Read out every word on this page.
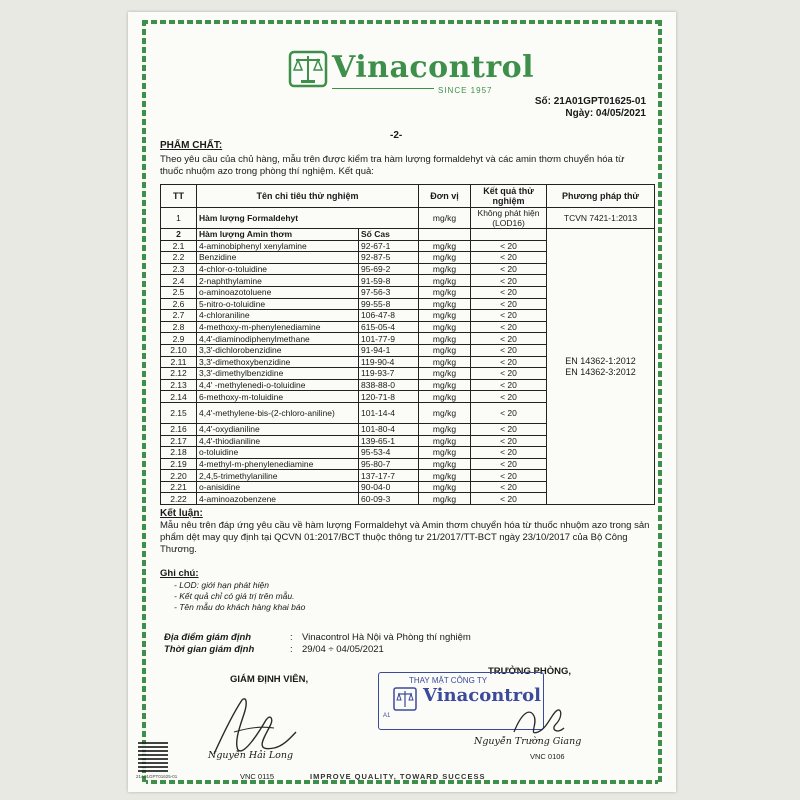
Vinacontrol
SINCE 1957
Số: 21A01GPT01625-01
Ngày: 04/05/2021
-2-
PHẨM CHẤT:
Theo yêu cầu của chủ hàng, mẫu trên được kiểm tra hàm lượng formaldehyt và các amin thơm chuyển hóa từ thuốc nhuộm azo trong phòng thí nghiệm. Kết quả:
TT	Tên chỉ tiêu thử nghiệm		Đơn vị	Kết quả thử nghiệm	Phương pháp thử
1	Hàm lượng Formaldehyt		mg/kg	Không phát hiện (LOD16)	TCVN 7421-1:2013
2	Hàm lượng Amin thơm	Số Cas			EN 14362-1:2012
EN 14362-3:2012

2.1	4-aminobiphenyl xenylamine	92-67-1	mg/kg	< 20	
2.2	Benzidine	92-87-5	mg/kg	< 20	
2.3	4-chlor-o-toluidine	95-69-2	mg/kg	< 20	
2.4	2-naphthylamine	91-59-8	mg/kg	< 20	
2.5	o-aminoazotoluene	97-56-3	mg/kg	< 20	
2.6	5-nitro-o-toluidine	99-55-8	mg/kg	< 20	
2.7	4-chloraniline	106-47-8	mg/kg	< 20	
2.8	4-methoxy-m-phenylenediamine	615-05-4	mg/kg	< 20	
2.9	4,4'-diaminodiphenylmethane	101-77-9	mg/kg	< 20	
2.10	3,3'-dichlorobenzidine	91-94-1	mg/kg	< 20	
2.11	3,3'-dimethoxybenzidine	119-90-4	mg/kg	< 20	
2.12	3,3'-dimethylbenzidine	119-93-7	mg/kg	< 20	
2.13	4,4' -methylenedi-o-toluidine	838-88-0	mg/kg	< 20	
2.14	6-methoxy-m-toluidine	120-71-8	mg/kg	< 20	
2.15	4,4'-methylene-bis-(2-chloro-aniline)	101-14-4	mg/kg	< 20	
2.16	4,4'-oxydianiline	101-80-4	mg/kg	< 20	
2.17	4,4'-thiodianiline	139-65-1	mg/kg	< 20	
2.18	o-toluidine	95-53-4	mg/kg	< 20	
2.19	4-methyl-m-phenylenediamine	95-80-7	mg/kg	< 20	
2.20	2,4,5-trimethylaniline	137-17-7	mg/kg	< 20	
2.21	o-anisidine	90-04-0	mg/kg	< 20	
2.22	4-aminoazobenzene	60-09-3	mg/kg	< 20	
Kết luận:
Mẫu nêu trên đáp ứng yêu cầu về hàm lượng Formaldehyt và Amin thơm chuyển hóa từ thuốc nhuộm azo trong sản phẩm dệt may quy định tại QCVN 01:2017/BCT thuộc thông tư 21/2017/TT-BCT ngày 23/10/2017 của Bộ Công Thương.
Ghi chú:
- LOD: giới hạn phát hiện
- Kết quả chỉ có giá trị trên mẫu.
- Tên mẫu do khách hàng khai báo
Địa điểm giám định	: Vinacontrol Hà Nội và Phòng thí nghiệm
Thời gian giám định	: 29/04 ÷ 04/05/2021
GIÁM ĐỊNH VIÊN,
TRƯỞNG PHÒNG,
THAY MẶT CÔNG TY
Vinacontrol
A1
Nguyễn Hải Long
Nguyễn Trường Giang
VNC 0115
VNC 0106
21A01GPT01625-01	IMPROVE QUALITY, TOWARD SUCCESS
